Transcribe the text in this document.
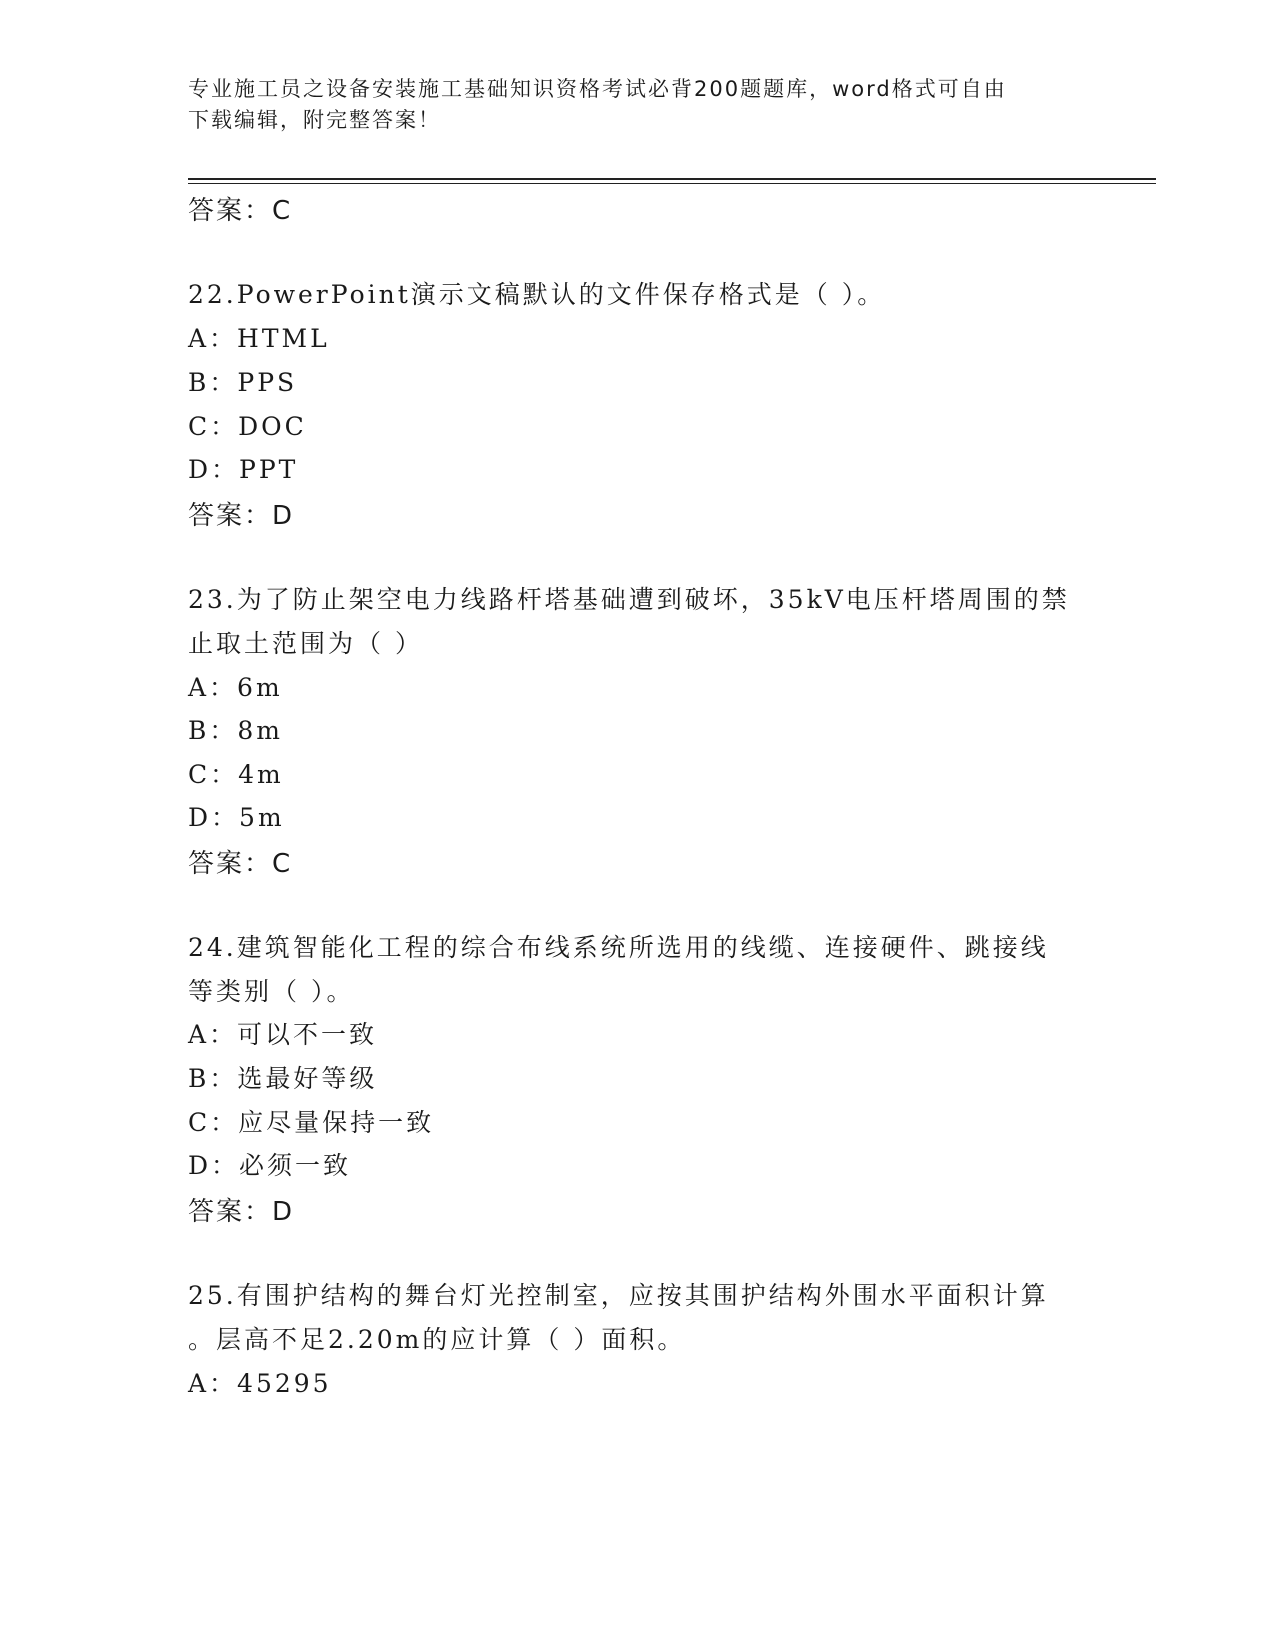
专业施工员之设备安装施工基础知识资格考试必背200题题库，word格式可自由
下载编辑，附完整答案！
答案：C
22.PowerPoint演示文稿默认的文件保存格式是（ ）。
A：HTML
B：PPS
C：DOC
D：PPT
答案：D
23.为了防止架空电力线路杆塔基础遭到破坏，35kV电压杆塔周围的禁
止取土范围为（ ）
A：6m
B：8m
C：4m
D：5m
答案：C
24.建筑智能化工程的综合布线系统所选用的线缆、连接硬件、跳接线
等类别（ ）。
A：可以不一致
B：选最好等级
C：应尽量保持一致
D：必须一致
答案：D
25.有围护结构的舞台灯光控制室，应按其围护结构外围水平面积计算
。层高不足2.20m的应计算（ ）面积。
A：45295
